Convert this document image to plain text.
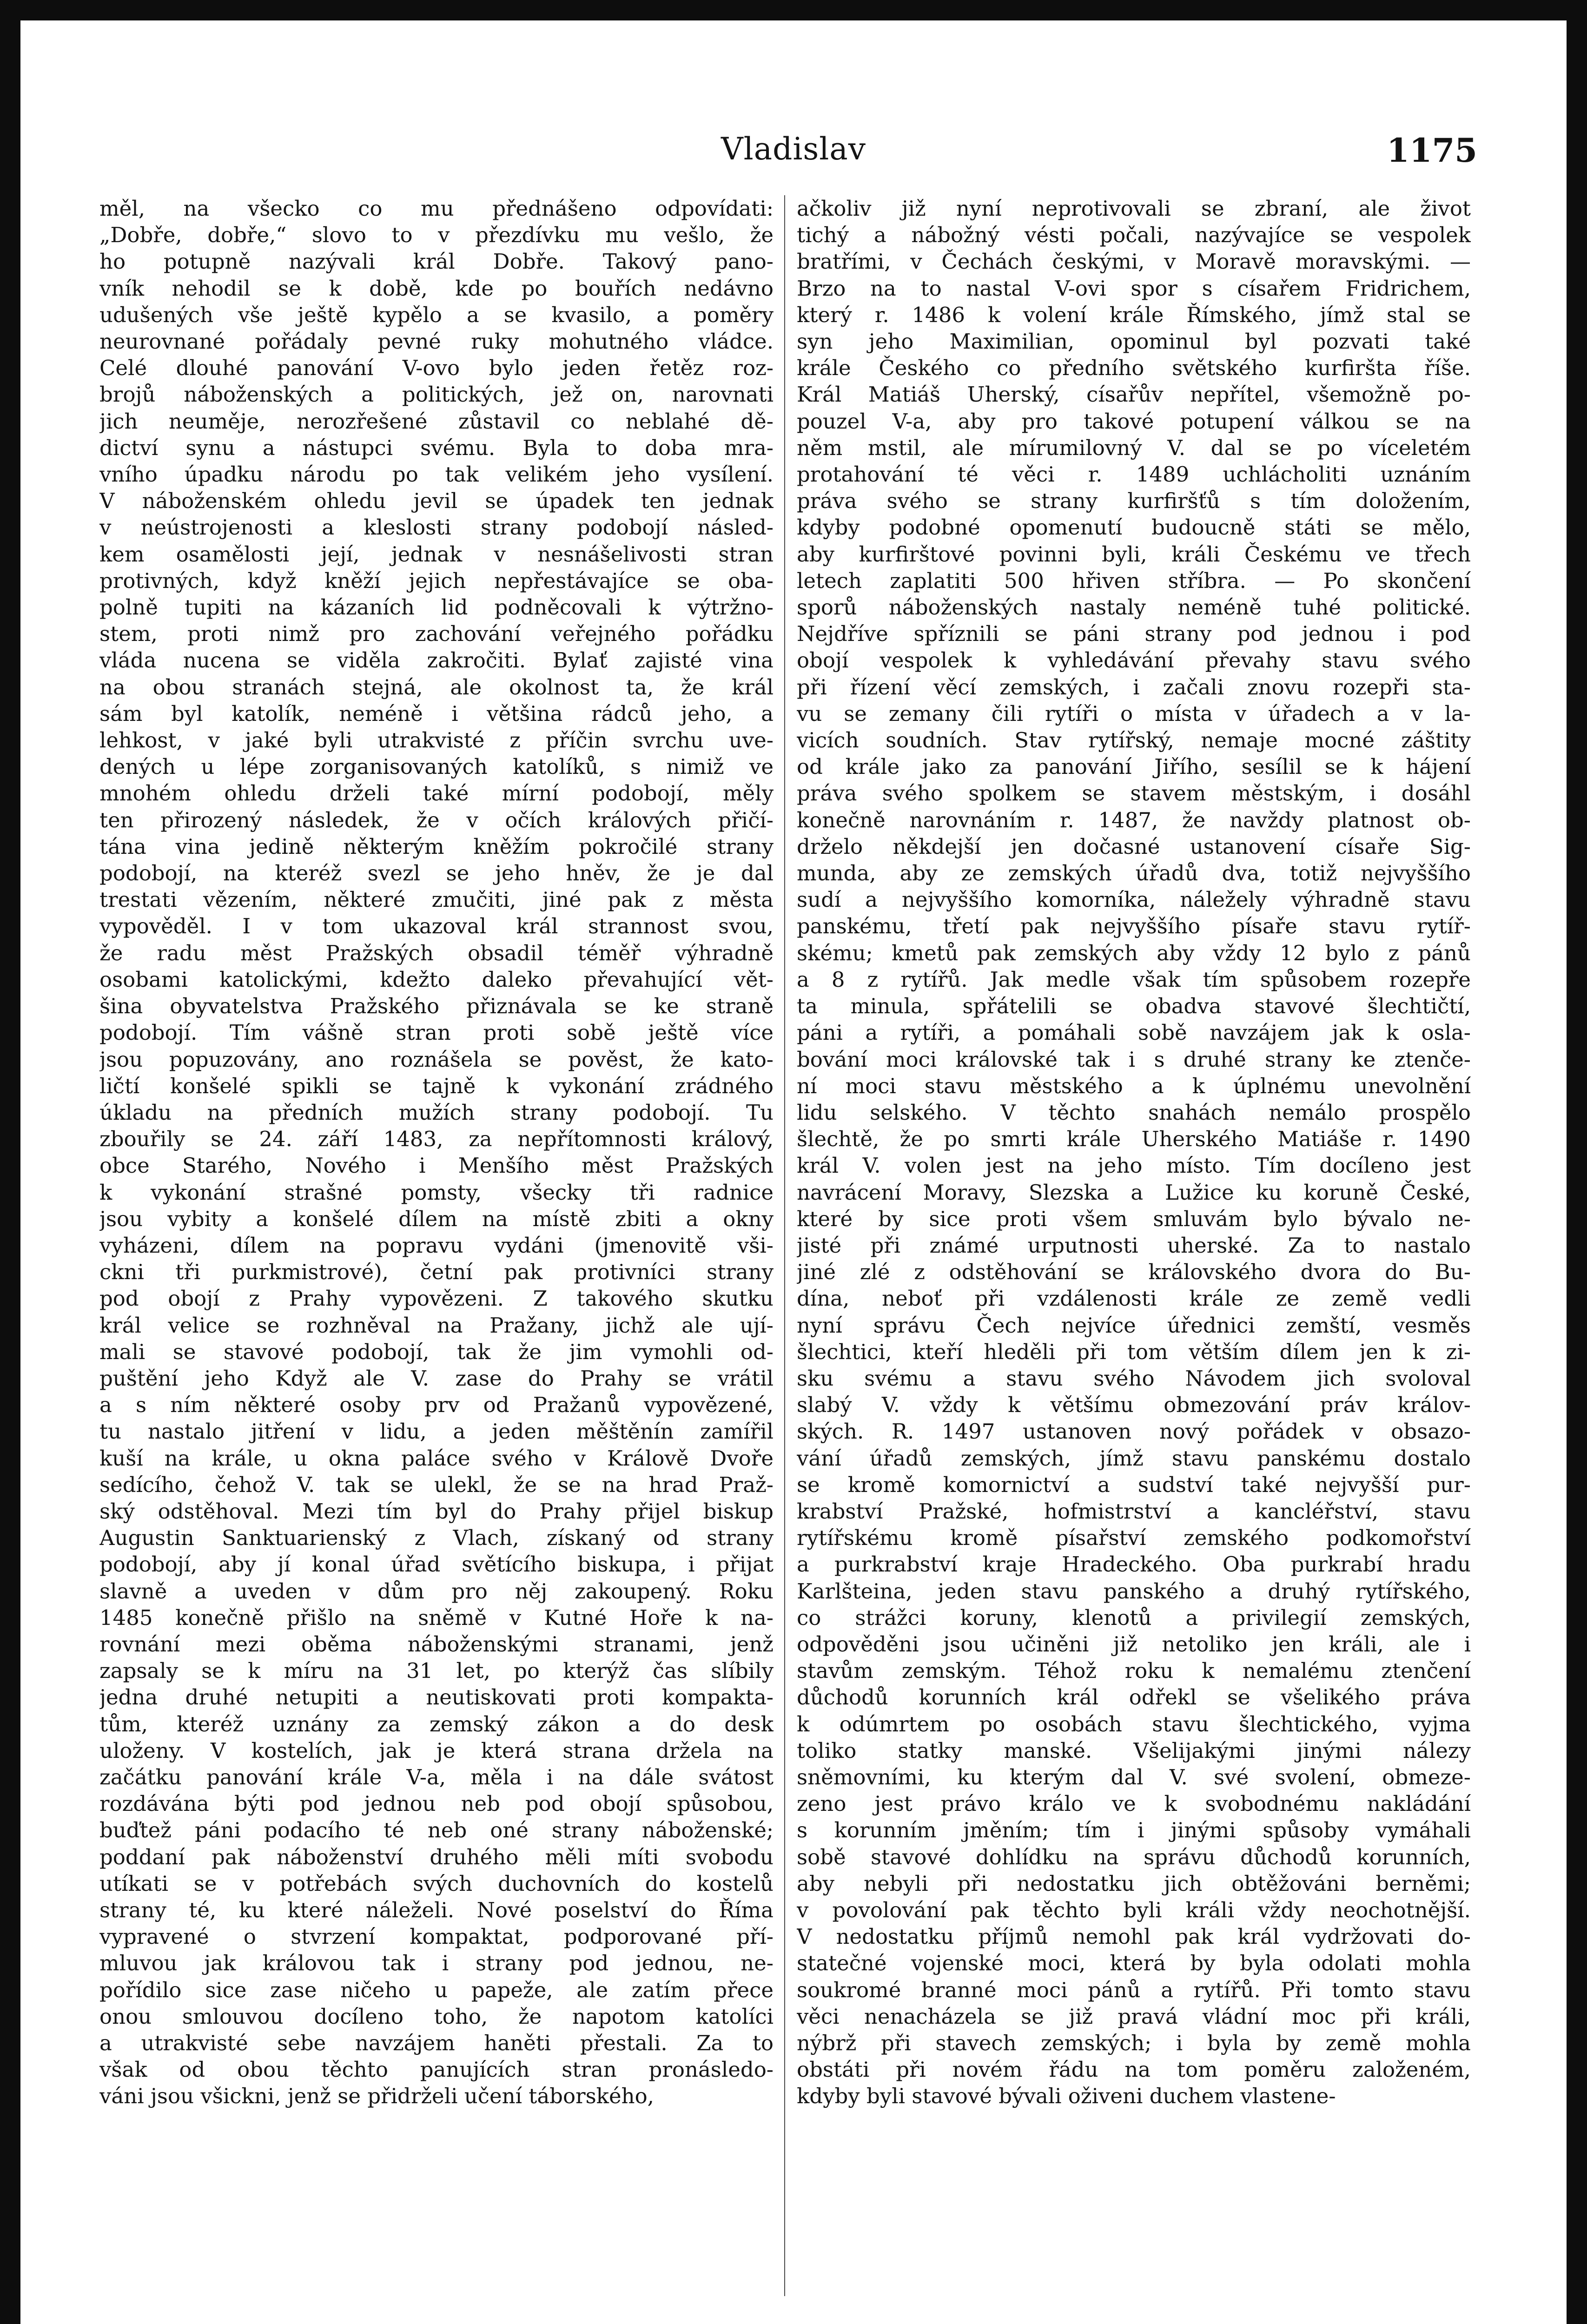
Vladislav	1175

měl, na všecko co mu přednášeno odpovídati:

„Dobře, dobře,“ slovo to v přezdívku mu vešlo, že

ho potupně nazývali král Dobře. Takový pano-

vník nehodil se k době, kde po bouřích nedávno

udušených vše ještě kypělo a se kvasilo, a poměry

neurovnané pořádaly pevné ruky mohutného vládce.

Celé dlouhé panování V-ovo bylo jeden řetěz roz-

brojů náboženských a politických, jež on, narovnati

jich neuměje, nerozřešené zůstavil co neblahé dě-

dictví synu a nástupci svému. Byla to doba mra-

vního úpadku národu po tak velikém jeho vysílení.

V náboženském ohledu jevil se úpadek ten jednak

v neústrojenosti a kleslosti strany podobojí násled-

kem osamělosti její, jednak v nesnášelivosti stran

protivných, když kněží jejich nepřestávajíce se oba-

polně tupiti na kázaních lid podněcovali k výtržno-

stem, proti nimž pro zachování veřejného pořádku

vláda nucena se viděla zakročiti. Bylať zajisté vina

na obou stranách stejná, ale okolnost ta, že král

sám byl katolík, neméně i většina rádců jeho, a

lehkost, v jaké byli utrakvisté z příčin svrchu uve-

dených u lépe zorganisovaných katolíků, s nimiž ve

mnohém ohledu drželi také mírní podobojí, měly

ten přirozený následek, že v očích králových přičí-

tána vina jedině některým kněžím pokročilé strany

podobojí, na kteréž svezl se jeho hněv, že je dal

trestati vězením, některé zmučiti, jiné pak z města

vypověděl. I v tom ukazoval král strannost svou,

že radu měst Pražských obsadil téměř výhradně

osobami katolickými, kdežto daleko převahující vět-

šina obyvatelstva Pražského přiznávala se ke straně

podobojí. Tím vášně stran proti sobě ještě více

jsou popuzovány, ano roznášela se pověst, že kato-

ličtí konšelé spikli se tajně k vykonání zrádného

úkladu na předních mužích strany podobojí. Tu

zbouřily se 24. září 1483, za nepřítomnosti králový,

obce Starého, Nového i Menšího měst Pražských

k vykonání strašné pomsty, všecky tři radnice

jsou vybity a konšelé dílem na místě zbiti a okny

vyházeni, dílem na popravu vydáni (jmenovitě vši-

ckni tři purkmistrové), četní pak protivníci strany

pod obojí z Prahy vypovězeni. Z takového skutku

král velice se rozhněval na Pražany, jichž ale ují-

mali se stavové podobojí, tak že jim vymohli od-

puštění jeho Když ale V. zase do Prahy se vrátil

a s ním některé osoby prv od Pražanů vypovězené,

tu nastalo jitření v lidu, a jeden měštěnín zamířil

kuší na krále, u okna paláce svého v Králově Dvoře

sedícího, čehož V. tak se ulekl, že se na hrad Praž-

ský odstěhoval. Mezi tím byl do Prahy přijel biskup

Augustin Sanktuarienský z Vlach, získaný od strany

podobojí, aby jí konal úřad světícího biskupa, i přijat

slavně a uveden v dům pro něj zakoupený. Roku

1485 konečně přišlo na sněmě v Kutné Hoře k na-

rovnání mezi oběma náboženskými stranami, jenž

zapsaly se k míru na 31 let, po kterýž čas slíbily

jedna druhé netupiti a neutiskovati proti kompakta-

tům, kteréž uznány za zemský zákon a do desk

uloženy. V kostelích, jak je která strana držela na

začátku panování krále V-a, měla i na dále svátost

rozdávána býti pod jednou neb pod obojí spůsobou,

buďtež páni podacího té neb oné strany náboženské;

poddaní pak náboženství druhého měli míti svobodu

utíkati se v potřebách svých duchovních do kostelů

strany té, ku které náleželi. Nové poselství do Říma

vypravené o stvrzení kompaktat, podporované pří-

mluvou jak královou tak i strany pod jednou, ne-

pořídilo sice zase ničeho u papeže, ale zatím přece

onou smlouvou docíleno toho, že napotom katolíci

a utrakvisté sebe navzájem haněti přestali. Za to

však od obou těchto panujících stran pronásledo-

váni jsou všickni, jenž se přidrželi učení táborského,

ačkoliv již nyní neprotivovali se zbraní, ale život

tichý a nábožný vésti počali, nazývajíce se vespolek

bratřími, v Čechách českými, v Moravě moravskými. —

Brzo na to nastal V-ovi spor s císařem Fridrichem,

který r. 1486 k volení krále Římského, jímž stal se

syn jeho Maximilian, opominul byl pozvati také

krále Českého co předního světského kurfiršta říše.

Král Matiáš Uherský, císařův nepřítel, všemožně po-

pouzel V-a, aby pro takové potupení válkou se na

něm mstil, ale mírumilovný V. dal se po víceletém

protahování té věci r. 1489 uchlácholiti uznáním

práva svého se strany kurfiršťů s tím doložením,

kdyby podobné opomenutí budoucně státi se mělo,

aby kurfirštové povinni byli, králi Českému ve třech

letech zaplatiti 500 hřiven stříbra. — Po skončení

sporů náboženských nastaly neméně tuhé politické.

Nejdříve spříznili se páni strany pod jednou i pod

obojí vespolek k vyhledávání převahy stavu svého

při řízení věcí zemských, i začali znovu rozepři sta-

vu se zemany čili rytíři o místa v úřadech a v la-

vicích soudních. Stav rytířský, nemaje mocné záštity

od krále jako za panování Jiřího, sesílil se k hájení

práva svého spolkem se stavem městským, i dosáhl

konečně narovnáním r. 1487, že navždy platnost ob-

drželo někdejší jen dočasné ustanovení císaře Sig-

munda, aby ze zemských úřadů dva, totiž nejvyššího

sudí a nejvyššího komorníka, náležely výhradně stavu

panskému, třetí pak nejvyššího písaře stavu rytíř-

skému; kmetů pak zemských aby vždy 12 bylo z pánů

a 8 z rytířů. Jak medle však tím spůsobem rozepře

ta minula, spřátelili se obadva stavové šlechtičtí,

páni a rytíři, a pomáhali sobě navzájem jak k osla-

bování moci královské tak i s druhé strany ke ztenče-

ní moci stavu městského a k úplnému unevolnění

lidu selského. V těchto snahách nemálo prospělo

šlechtě, že po smrti krále Uherského Matiáše r. 1490

král V. volen jest na jeho místo. Tím docíleno jest

navrácení Moravy, Slezska a Lužice ku koruně České,

které by sice proti všem smluvám bylo bývalo ne-

jisté při známé urputnosti uherské. Za to nastalo

jiné zlé z odstěhování se královského dvora do Bu-

dína, neboť při vzdálenosti krále ze země vedli

nyní správu Čech nejvíce úřednici zemští, vesměs

šlechtici, kteří hleděli při tom větším dílem jen k zi-

sku svému a stavu svého Návodem jich svoloval

slabý V. vždy k většímu obmezování práv králov-

ských. R. 1497 ustanoven nový pořádek v obsazo-

vání úřadů zemských, jímž stavu panskému dostalo

se kromě komornictví a sudství také nejvyšší pur-

krabství Pražské, hofmistrství a kancléřství, stavu

rytířskému kromě písařství zemského podkomořství

a purkrabství kraje Hradeckého. Oba purkrabí hradu

Karlšteina, jeden stavu panského a druhý rytířského,

co strážci koruny, klenotů a privilegií zemských,

odpověděni jsou učiněni již netoliko jen králi, ale i

stavům zemským. Téhož roku k nemalému ztenčení

důchodů korunních král odřekl se všelikého práva

k odúmrtem po osobách stavu šlechtického, vyjma

toliko statky manské. Všelijakými jinými nálezy

sněmovními, ku kterým dal V. své svolení, obmeze-

zeno jest právo králo ve k svobodnému nakládání

s korunním jměním; tím i jinými spůsoby vymáhali

sobě stavové dohlídku na správu důchodů korunních,

aby nebyli při nedostatku jich obtěžováni berněmi;

v povolování pak těchto byli králi vždy neochotnější.

V nedostatku příjmů nemohl pak král vydržovati do-

statečné vojenské moci, která by byla odolati mohla

soukromé branné moci pánů a rytířů. Při tomto stavu

věci nenacházela se již pravá vládní moc při králi,

nýbrž při stavech zemských; i byla by země mohla

obstáti při novém řádu na tom poměru založeném,

kdyby byli stavové bývali oživeni duchem vlastene-
